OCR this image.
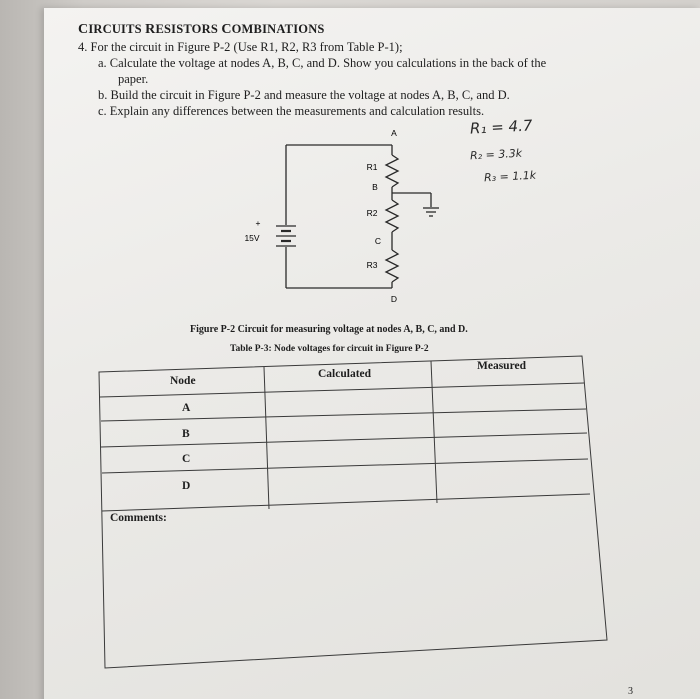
CIRCUITS RESISTORS COMBINATIONS
4. For the circuit in Figure P-2 (Use R1, R2, R3 from Table P-1);
a. Calculate the voltage at nodes A, B, C, and D. Show you calculations in the back of the
paper.
b. Build the circuit in Figure P-2 and measure the voltage at nodes A, B, C, and D.
c. Explain any differences between the measurements and calculation results.
R₁ = 4.7
R₂ = 3.3k
R₃ = 1.1k
A
B
C
D
R1
R2
R3
15V
+
Figure P-2 Circuit for measuring voltage at nodes A, B, C, and D.
Table P-3: Node voltages for circuit in Figure P-2
Node
Calculated
Measured
A
B
C
D
Comments:
3
